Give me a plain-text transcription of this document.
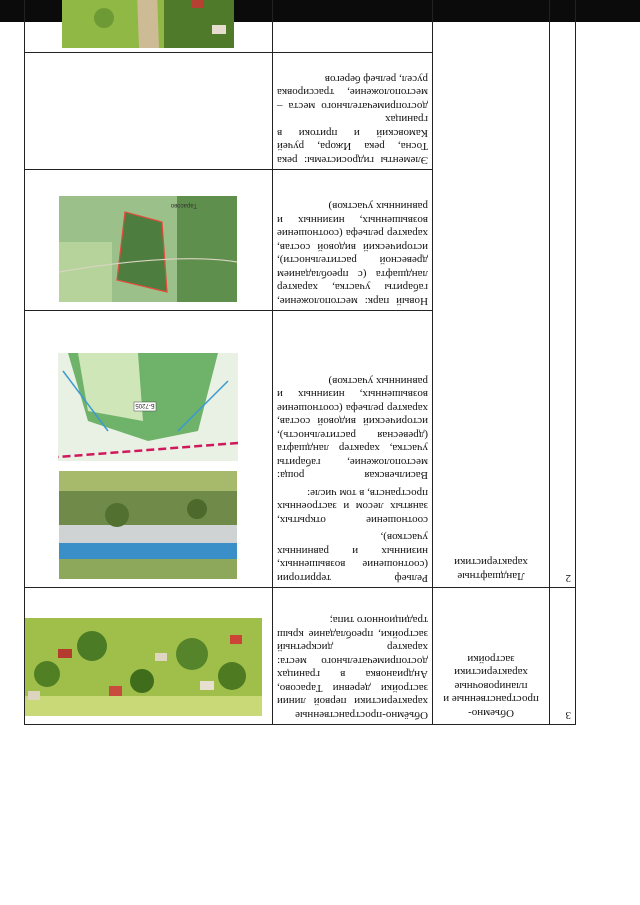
3	Объемно-пространственные и планировочные характеристики застройки	Объёмно-пространственные характеристики первой линии застройки деревни Тарасово, Андриановка в границах достопримечательного места: характер дискретный застройки, преобладание крыш традиционного типа;

2	Ландшафтные характеристики	Рельеф территории (соотношение возвышенных, низинных и равнинных участков),

соотношение открытых, занятых лесом и застроенных пространств, в том числе:

Васильевская роща: местоположение, габариты участка, характер ландшафта (древесная растительность), исторический видовой состав, характер рельефа (соотношение возвышенных, низинных и равнинных участков)	Б-7205

		Новый парк: местоположение, габариты участка, характер ландшафта (с преобладанием древесной растительности), исторический видовой состав, характер рельефа (соотношение возвышенных, низинных и равнинных участков)	Тарасово

		Элементы гидросистемы: река Тосна, река Ижора, ручей Камовский и притоки в границах достопримечательного места – местоположение, трассировка русел, рельеф берегов	
